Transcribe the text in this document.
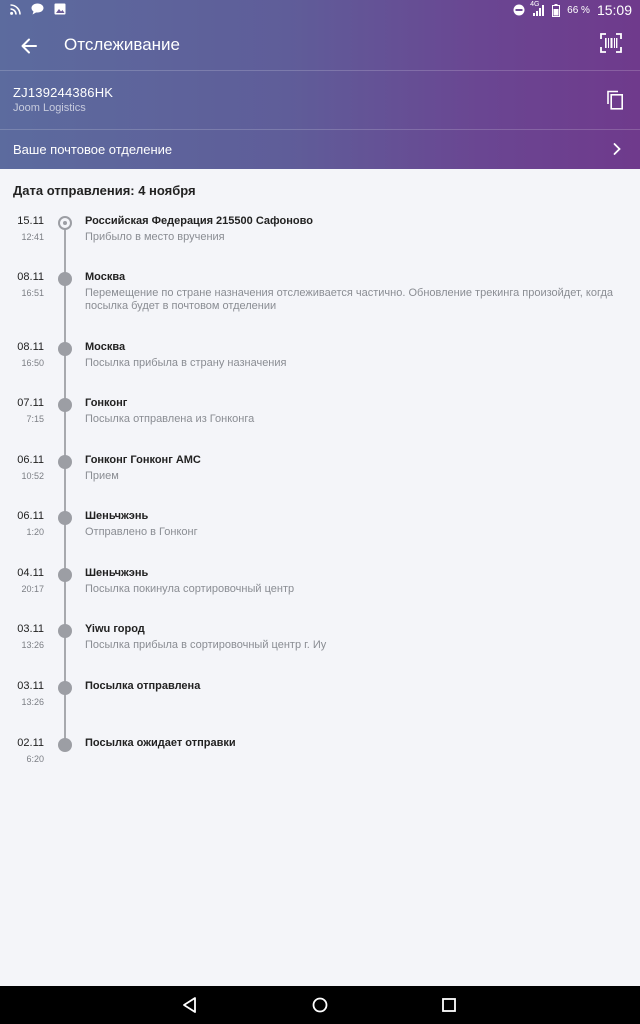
4G
66 % 15:09
Отслеживание
ZJ139244386HK
Joom Logistics
Ваше почтовое отделение
Дата отправления: 4 ноября
15.11
12:41
Российская Федерация 215500 Сафоново
Прибыло в место вручения
08.11
16:51
Москва
Перемещение по стране назначения отслеживается частично. Обновление трекинга произойдет, когда посылка будет в почтовом отделении
08.11
16:50
Москва
Посылка прибыла в страну назначения
07.11
7:15
Гонконг
Посылка отправлена из Гонконга
06.11
10:52
Гонконг Гонконг AMC
Прием
06.11
1:20
Шеньчжэнь
Отправлено в Гонконг
04.11
20:17
Шеньчжэнь
Посылка покинула сортировочный центр
03.11
13:26
Yiwu город
Посылка прибыла в сортировочный центр г. Иу
03.11
13:26
Посылка отправлена
02.11
6:20
Посылка ожидает отправки
